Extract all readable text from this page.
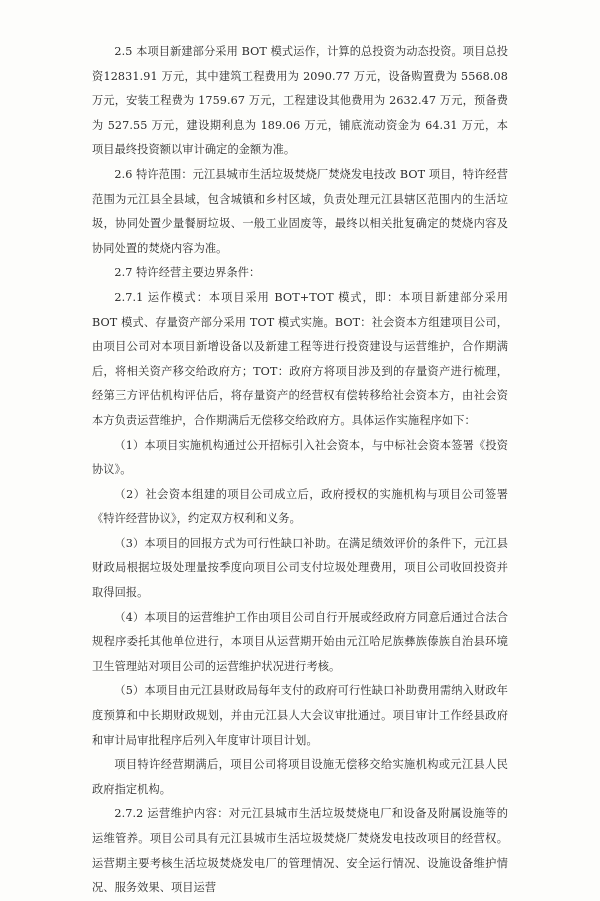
2.5 本项目新建部分采用 BOT 模式运作，计算的总投资为动态投资。项目总投资12831.91 万元，其中建筑工程费用为 2090.77 万元，设备购置费为 5568.08 万元，安装工程费为 1759.67 万元，工程建设其他费用为 2632.47 万元，预备费为 527.55 万元，建设期利息为 189.06 万元，铺底流动资金为 64.31 万元，本项目最终投资额以审计确定的金额为准。

2.6 特许范围：元江县城市生活垃圾焚烧厂焚烧发电技改 BOT 项目，特许经营范围为元江县全县域，包含城镇和乡村区域，负责处理元江县辖区范围内的生活垃圾，协同处置少量餐厨垃圾、一般工业固废等，最终以相关批复确定的焚烧内容及协同处置的焚烧内容为准。

2.7 特许经营主要边界条件：

2.7.1 运作模式：本项目采用 BOT+TOT 模式，即：本项目新建部分采用 BOT 模式、存量资产部分采用 TOT 模式实施。BOT：社会资本方组建项目公司，由项目公司对本项目新增设备以及新建工程等进行投资建设与运营维护，合作期满后，将相关资产移交给政府方；TOT：政府方将项目涉及到的存量资产进行梳理，经第三方评估机构评估后，将存量资产的经营权有偿转移给社会资本方，由社会资本方负责运营维护，合作期满后无偿移交给政府方。具体运作实施程序如下：

（1）本项目实施机构通过公开招标引入社会资本，与中标社会资本签署《投资协议》。

（2）社会资本组建的项目公司成立后，政府授权的实施机构与项目公司签署《特许经营协议》，约定双方权利和义务。

（3）本项目的回报方式为可行性缺口补助。在满足绩效评价的条件下，元江县财政局根据垃圾处理量按季度向项目公司支付垃圾处理费用，项目公司收回投资并取得回报。

（4）本项目的运营维护工作由项目公司自行开展或经政府方同意后通过合法合规程序委托其他单位进行，本项目从运营期开始由元江哈尼族彝族傣族自治县环境卫生管理站对项目公司的运营维护状况进行考核。

（5）本项目由元江县财政局每年支付的政府可行性缺口补助费用需纳入财政年度预算和中长期财政规划，并由元江县人大会议审批通过。项目审计工作经县政府和审计局审批程序后列入年度审计项目计划。

项目特许经营期满后，项目公司将项目设施无偿移交给实施机构或元江县人民政府指定机构。

2.7.2 运营维护内容：对元江县城市生活垃圾焚烧电厂和设备及附属设施等的运维管养。项目公司具有元江县城市生活垃圾焚烧厂焚烧发电技改项目的经营权。运营期主要考核生活垃圾焚烧发电厂的管理情况、安全运行情况、设施设备维护情况、服务效果、项目运营
